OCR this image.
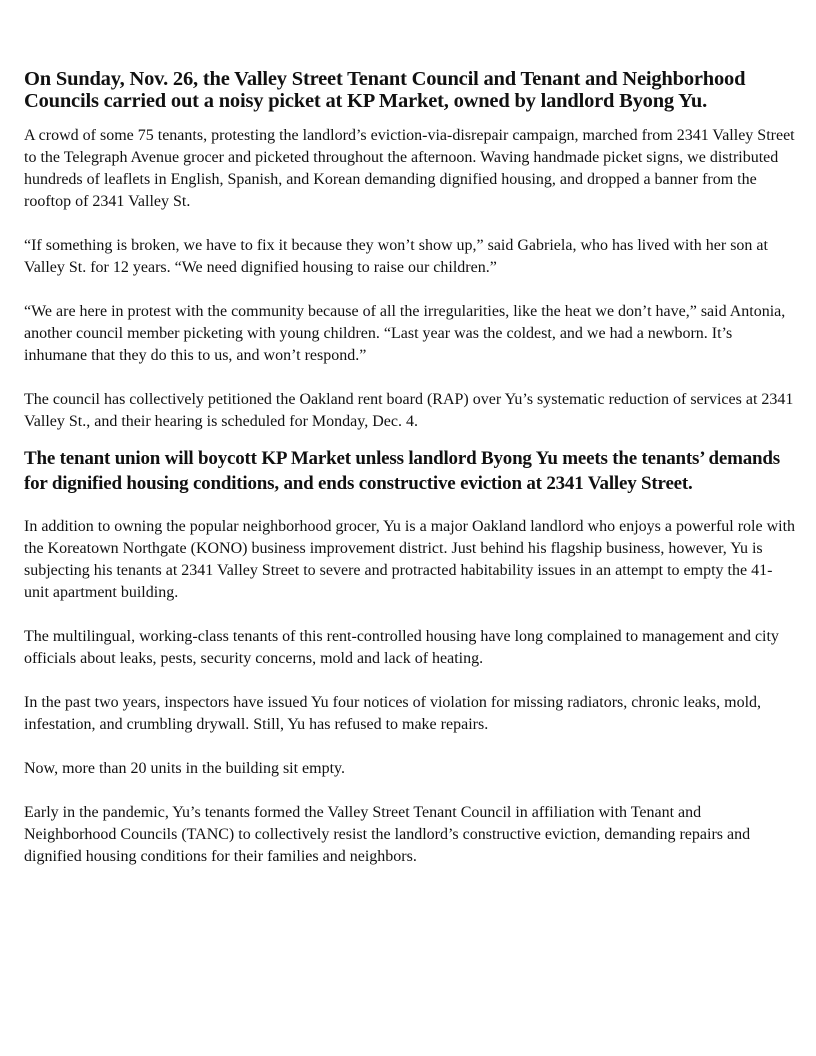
On Sunday, Nov. 26, the Valley Street Tenant Council and Tenant and Neighborhood Councils carried out a noisy picket at KP Market, owned by landlord Byong Yu.

A crowd of some 75 tenants, protesting the landlord’s eviction-via-disrepair campaign, marched from 2341 Valley Street to the Telegraph Avenue grocer and picketed throughout the afternoon. Waving handmade picket signs, we distributed hundreds of leaflets in English, Spanish, and Korean demanding dignified housing, and dropped a banner from the rooftop of 2341 Valley St.

“If something is broken, we have to fix it because they won’t show up,” said Gabriela, who has lived with her son at Valley St. for 12 years. “We need dignified housing to raise our children.”

“We are here in protest with the community because of all the irregularities, like the heat we don’t have,” said Antonia, another council member picketing with young children. “Last year was the coldest, and we had a newborn. It’s inhumane that they do this to us, and won’t respond.”

The council has collectively petitioned the Oakland rent board (RAP) over Yu’s systematic reduction of services at 2341 Valley St., and their hearing is scheduled for Monday, Dec. 4.

The tenant union will boycott KP Market unless landlord Byong Yu meets the tenants’ demands for dignified housing conditions, and ends constructive eviction at 2341 Valley Street.

In addition to owning the popular neighborhood grocer, Yu is a major Oakland landlord who enjoys a powerful role with the Koreatown Northgate (KONO) business improvement district. Just behind his flagship business, however, Yu is subjecting his tenants at 2341 Valley Street to severe and protracted habitability issues in an attempt to empty the 41-unit apartment building.

The multilingual, working-class tenants of this rent-controlled housing have long complained to management and city officials about leaks, pests, security concerns, mold and lack of heating.

In the past two years, inspectors have issued Yu four notices of violation for missing radiators, chronic leaks, mold, infestation, and crumbling drywall. Still, Yu has refused to make repairs.

Now, more than 20 units in the building sit empty.

Early in the pandemic, Yu’s tenants formed the Valley Street Tenant Council in affiliation with Tenant and Neighborhood Councils (TANC) to collectively resist the landlord’s constructive eviction, demanding repairs and dignified housing conditions for their families and neighbors.
